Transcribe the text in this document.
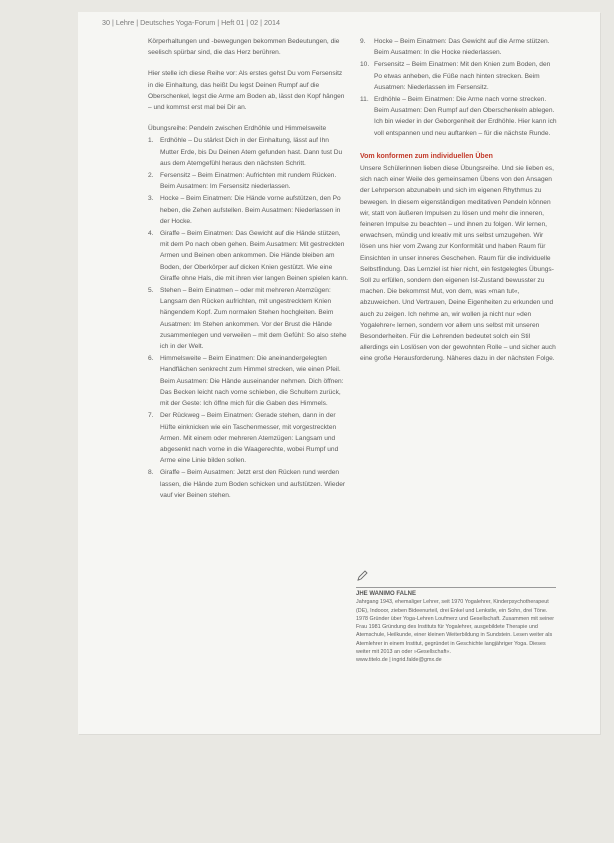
30 | Lehre | Deutsches Yoga-Forum | Heft 01 | 02 | 2014

Körperhaltungen und -bewegungen bekommen Bedeutungen, die seelisch spürbar sind, die das Herz berühren.

Hier stelle ich diese Reihe vor: Als erstes gehst Du vom Fersensitz in die Einhaltung, das heißt Du legst Deinen Rumpf auf die Oberschenkel, legst die Arme am Boden ab, lässt den Kopf hängen – und kommst erst mal bei Dir an.

Übungsreihe: Pendeln zwischen Erdhöhle und Himmelsweite

1. Erdhöhle – Du stärkst Dich in der Einhaltung, lässt auf Ihn Mutter Erde, bis Du Deinen Atem gefunden hast. Dann tust Du aus dem Atemgefühl heraus den nächsten Schritt.
2. Fersensitz – Beim Einatmen: Aufrichten mit rundem Rücken. Beim Ausatmen: Im Fersensitz niederlassen.
3. Hocke – Beim Einatmen: Die Hände vorne aufstützen, den Po heben, die Zehen aufstellen. Beim Ausatmen: Niederlassen in der Hocke.
4. Giraffe – Beim Einatmen: Das Gewicht auf die Hände stützen, mit dem Po nach oben gehen. Beim Ausatmen: Mit gestreckten Armen und Beinen oben ankommen. Die Hände bleiben am Boden, der Oberkörper auf dicken Knien gestützt. Wie eine Giraffe ohne Hals, die mit ihren vier langen Beinen spielen kann.
5. Stehen – Beim Einatmen – oder mit mehreren Atemzügen: Langsam den Rücken aufrichten, mit ungestrecktem Knien hängendem Kopf. Zum normalen Stehen hochgleiten. Beim Ausatmen: Im Stehen ankommen. Vor der Brust die Hände zusammenlegen und verweilen – mit dem Gefühl: So also stehe ich in der Welt.
6. Himmelsweite – Beim Einatmen: Die aneinandergelegten Handflächen senkrecht zum Himmel strecken, wie einen Pfeil. Beim Ausatmen: Die Hände auseinander nehmen. Dich öffnen: Das Becken leicht nach vorne schieben, die Schultern zurück, mit der Geste: Ich öffne mich für die Gaben des Himmels.
7. Der Rückweg – Beim Einatmen: Gerade stehen, dann in der Hüfte einknicken wie ein Taschenmesser, mit vorgestreckten Armen. Mit einem oder mehreren Atemzügen: Langsam und abgesenkt nach vorne in die Waagerechte, wobei Rumpf und Arme eine Linie bilden sollen.
8. Giraffe – Beim Ausatmen: Jetzt erst den Rücken rund werden lassen, die Hände zum Boden schicken und aufstützen. Wieder vauf vier Beinen stehen.
9. Hocke – Beim Einatmen: Das Gewicht auf die Arme stützen. Beim Ausatmen: In die Hocke niederlassen.
10. Fersensitz – Beim Einatmen: Mit den Knien zum Boden, den Po etwas anheben, die Füße nach hinten strecken. Beim Ausatmen: Niederlassen im Fersensitz.
11. Erdhöhle – Beim Einatmen: Die Arme nach vorne strecken. Beim Ausatmen: Den Rumpf auf den Oberschenkeln ablegen. Ich bin wieder in der Geborgenheit der Erdhöhle. Hier kann ich voll entspannen und neu auftanken – für die nächste Runde.
Vom konformen zum individuellen Üben

Unsere Schülerinnen lieben diese Übungsreihe. Und sie lieben es, sich nach einer Weile des gemeinsamen Übens von den Ansagen der Lehrperson abzunabeln und sich im eigenen Rhythmus zu bewegen. In diesem eigenständigen meditativen Pendeln können wir, statt von äußeren Impulsen zu lösen und mehr die inneren, feineren Impulse zu beachten – und ihnen zu folgen. Wir lernen, erwachsen, mündig und kreativ mit uns selbst umzugehen. Wir lösen uns hier vom Zwang zur Konformität und haben Raum für Einsichten in unser inneres Geschehen. Raum für die individuelle Selbstfindung. Das Lernziel ist hier nicht, ein festgelegtes Übungs-Soll zu erfüllen, sondern den eigenen Ist-Zustand bewusster zu machen. Die bekommst Mut, von dem, was »man tut«, abzuweichen. Und Vertrauen, Deine Eigenheiten zu erkunden und auch zu zeigen. Ich nehme an, wir wollen ja nicht nur »den Yogalehrer« lernen, sondern vor allem uns selbst mit unseren Besonderheiten. Für die Lehrenden bedeutet solch ein Stil allerdings ein Loslösen von der gewohnten Rolle – und sicher auch eine große Herausforderung. Näheres dazu in der nächsten Folge.

JHE WANIMO FALNE
Jahrgang 1943, ehemaliger Lehrer, seit 1970 Yogalehrer, Kinderpsychotherapeut (DE), Indooor, zieben Bideenurteil, drei Enkel und Lenkstle, ein Sohn, drei Töne. 1978 Gründer über Yoga-Lehren Loufmerz und Gesellschaft. Zusammen mit seiner Frau 1981 Gründung des Instituts für Yogalehrer, ausgebildete Therapie und Atemschule, Heilkunde, einer kleinen Weiterbildung in Sundstein. Lesen weiter als Atemlehrer in einem Institut, gegründet in Geschichte langjähriger Yoga. Dieses weiter mit 2013 an oder »Gesellschaft«.
www.titelo.de | ingrid.falde@gmx.de
